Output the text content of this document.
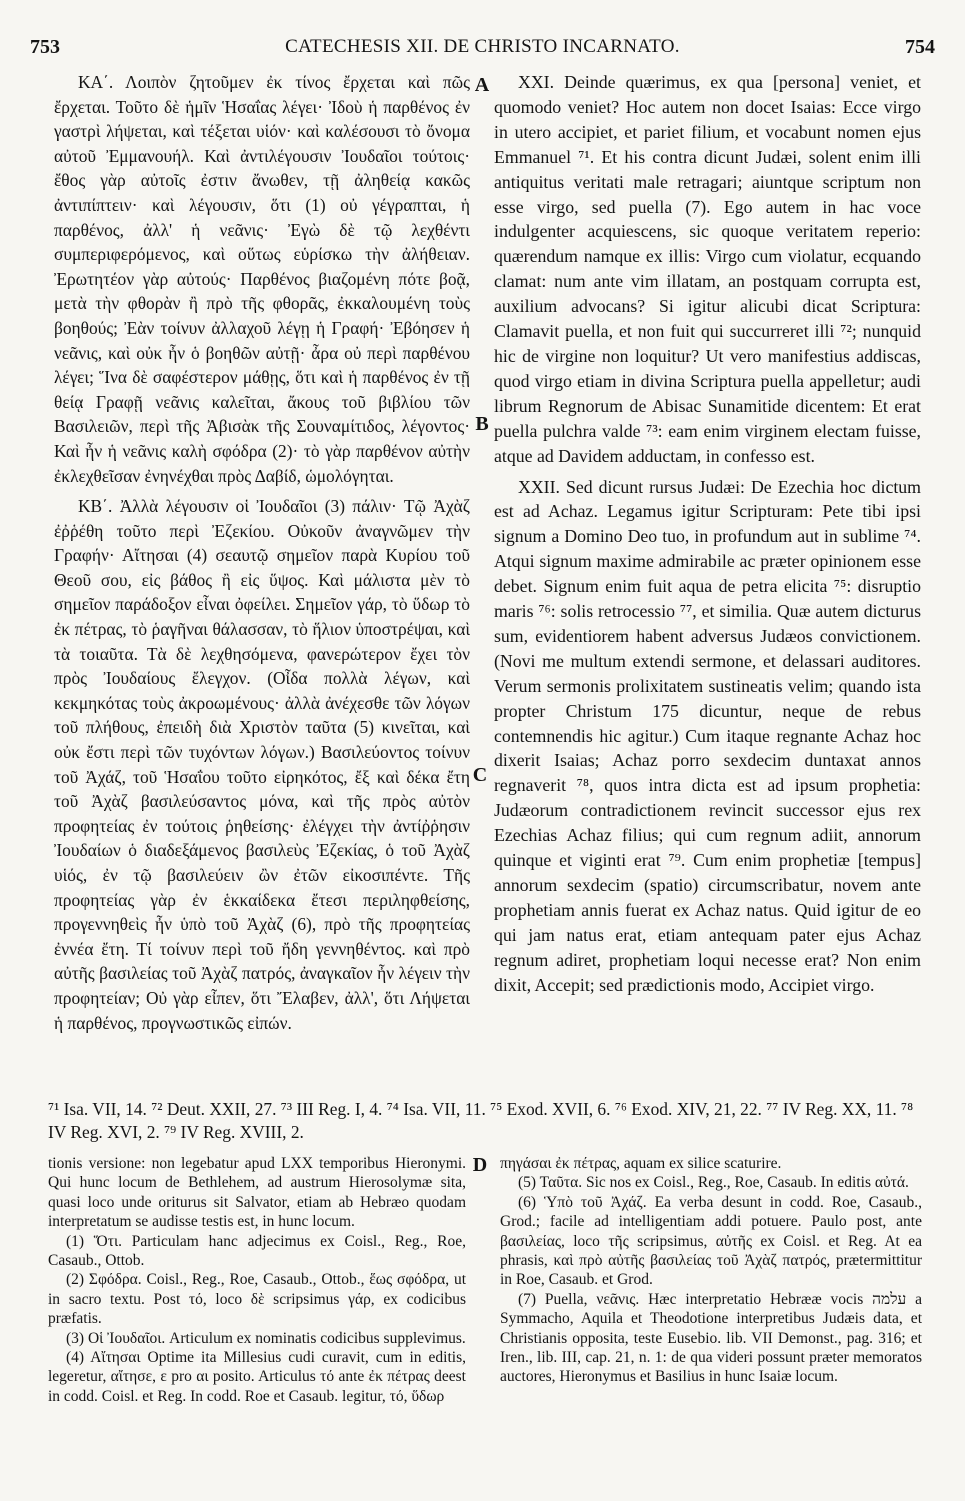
753	CATECHESIS XII. DE CHRISTO INCARNATO.	754

ΚΑ΄. Λοιπὸν ζητοῦμεν ἐκ τίνος ἔρχεται καὶ πῶς ἔρχεται. Τοῦτο δὲ ἡμῖν Ἡσαΐας λέγει· Ἰδοὺ ἡ παρθένος ἐν γαστρὶ λήψεται, καὶ τέξεται υἱόν· καὶ καλέσουσι τὸ ὄνομα αὐτοῦ Ἐμμανουήλ. Καὶ ἀντιλέγουσιν Ἰουδαῖοι τούτοις· ἔθος γὰρ αὐτοῖς ἐστιν ἄνωθεν, τῇ ἀληθείᾳ κακῶς ἀντιπίπτειν· καὶ λέγουσιν, ὅτι (1) οὐ γέγραπται, ἡ παρθένος, ἀλλ' ἡ νεᾶνις· Ἐγὼ δὲ τῷ λεχθέντι συμπεριφερόμενος, καὶ οὕτως εὑρίσκω τὴν ἀλήθειαν. Ἐρωτητέον γὰρ αὐτούς· Παρθένος βιαζομένη πότε βοᾷ, μετὰ τὴν φθορὰν ἢ πρὸ τῆς φθορᾶς, ἐκκαλουμένη τοὺς βοηθούς; Ἐὰν τοίνυν ἀλλαχοῦ λέγῃ ἡ Γραφή· Ἐβόησεν ἡ νεᾶνις, καὶ οὐκ ἦν ὁ βοηθῶν αὐτῇ· ἆρα οὐ περὶ παρθένου λέγει; Ἵνα δὲ σαφέστερον μάθῃς, ὅτι καὶ ἡ παρθένος ἐν τῇ θείᾳ Γραφῇ νεᾶνις καλεῖται, ἄκους τοῦ βιβλίου τῶν Βασιλειῶν, περὶ τῆς Ἀβισὰκ τῆς Σουναμίτιδος, λέγοντος· Καὶ ἦν ἡ νεᾶνις καλὴ σφόδρα (2)· τὸ γὰρ παρθένον αὐτὴν ἐκλεχθεῖσαν ἐνηνέχθαι πρὸς Δαβίδ, ὡμολόγηται.

ΚΒ΄. Ἀλλὰ λέγουσιν οἱ Ἰουδαῖοι (3) πάλιν· Τῷ Ἀχὰζ ἐῤῥέθη τοῦτο περὶ Ἐζεκίου. Οὐκοῦν ἀναγνῶμεν τὴν Γραφήν· Αἴτησαι (4) σεαυτῷ σημεῖον παρὰ Κυρίου τοῦ Θεοῦ σου, εἰς βάθος ἢ εἰς ὕψος. Καὶ μάλιστα μὲν τὸ σημεῖον παράδοξον εἶναι ὀφείλει. Σημεῖον γάρ, τὸ ὕδωρ τὸ ἐκ πέτρας, τὸ ῥαγῆναι θάλασσαν, τὸ ἥλιον ὑποστρέψαι, καὶ τὰ τοιαῦτα. Τὰ δὲ λεχθησόμενα, φανερώτερον ἔχει τὸν πρὸς Ἰουδαίους ἔλεγχον. (Οἶδα πολλὰ λέγων, καὶ κεκμηκότας τοὺς ἀκροωμένους· ἀλλὰ ἀνέχεσθε τῶν λόγων τοῦ πλήθους, ἐπειδὴ διὰ Χριστὸν ταῦτα (5) κινεῖται, καὶ οὐκ ἔστι περὶ τῶν τυχόντων λόγων.) Βασιλεύοντος τοίνυν τοῦ Ἀχάζ, τοῦ Ἡσαΐου τοῦτο εἰρηκότος, ἔξ καὶ δέκα ἔτη τοῦ Ἀχὰζ βασιλεύσαντος μόνα, καὶ τῆς πρὸς αὐτὸν προφητείας ἐν τούτοις ῥηθείσης· ἐλέγχει τὴν ἀντίῤῥησιν Ἰουδαίων ὁ διαδεξάμενος βασιλεὺς Ἐζεκίας, ὁ τοῦ Ἀχὰζ υἱός, ἐν τῷ βασιλεύειν ὢν ἐτῶν εἰκοσιπέντε. Τῆς προφητείας γὰρ ἐν ἑκκαίδεκα ἔτεσι περιληφθείσης, προγεννηθεὶς ἦν ὑπὸ τοῦ Ἀχὰζ (6), πρὸ τῆς προφητείας ἐννέα ἔτη. Τί τοίνυν περὶ τοῦ ἤδη γεννηθέντος. καὶ πρὸ αὐτῆς βασιλείας τοῦ Ἀχὰζ πατρός, ἀναγκαῖον ἦν λέγειν τὴν προφητείαν; Οὐ γὰρ εἶπεν, ὅτι Ἔλαβεν, ἀλλ', ὅτι Λήψεται ἡ παρθένος, προγνωστικῶς εἰπών.

A
B
C
D

XXI. Deinde quærimus, ex qua [persona] veniet, et quomodo veniet? Hoc autem non docet Isaias: Ecce virgo in utero accipiet, et pariet filium, et vocabunt nomen ejus Emmanuel ⁷¹. Et his contra dicunt Judæi, solent enim illi antiquitus veritati male retragari; aiuntque scriptum non esse virgo, sed puella (7). Ego autem in hac voce indulgenter acquiescens, sic quoque veritatem reperio: quærendum namque ex illis: Virgo cum violatur, ecquando clamat: num ante vim illatam, an postquam corrupta est, auxilium advocans? Si igitur alicubi dicat Scriptura: Clamavit puella, et non fuit qui succurreret illi ⁷²; nunquid hic de virgine non loquitur? Ut vero manifestius addiscas, quod virgo etiam in divina Scriptura puella appelletur; audi librum Regnorum de Abisac Sunamitide dicentem: Et erat puella pulchra valde ⁷³: eam enim virginem electam fuisse, atque ad Davidem adductam, in confesso est.

XXII. Sed dicunt rursus Judæi: De Ezechia hoc dictum est ad Achaz. Legamus igitur Scripturam: Pete tibi ipsi signum a Domino Deo tuo, in profundum aut in sublime ⁷⁴. Atqui signum maxime admirabile ac præter opinionem esse debet. Signum enim fuit aqua de petra elicita ⁷⁵: disruptio maris ⁷⁶: solis retrocessio ⁷⁷, et similia. Quæ autem dicturus sum, evidentiorem habent adversus Judæos convictionem. (Novi me multum extendi sermone, et delassari auditores. Verum sermonis prolixitatem sustineatis velim; quando ista propter Christum 175 dicuntur, neque de rebus contemnendis hic agitur.) Cum itaque regnante Achaz hoc dixerit Isaias; Achaz porro sexdecim duntaxat annos regnaverit ⁷⁸, quos intra dicta est ad ipsum prophetia: Judæorum contradictionem revincit successor ejus rex Ezechias Achaz filius; qui cum regnum adiit, annorum quinque et viginti erat ⁷⁹. Cum enim prophetiæ [tempus] annorum sexdecim (spatio) circumscribatur, novem ante prophetiam annis fuerat ex Achaz natus. Quid igitur de eo qui jam natus erat, etiam antequam pater ejus Achaz regnum adiret, prophetiam loqui necesse erat? Non enim dixit, Accepit; sed prædictionis modo, Accipiet virgo.

⁷¹ Isa. VII, 14. ⁷² Deut. XXII, 27. ⁷³ III Reg. I, 4. ⁷⁴ Isa. VII, 11. ⁷⁵ Exod. XVII, 6. ⁷⁶ Exod. XIV, 21, 22. ⁷⁷ IV Reg. XX, 11. ⁷⁸ IV Reg. XVI, 2. ⁷⁹ IV Reg. XVIII, 2.

tionis versione: non legebatur apud LXX temporibus Hieronymi. Qui hunc locum de Bethlehem, ad austrum Hierosolymæ sita, quasi loco unde oriturus sit Salvator, etiam ab Hebræo quodam interpretatum se audisse testis est, in hunc locum.

(1) Ὅτι. Particulam hanc adjecimus ex Coisl., Reg., Roe, Casaub., Ottob.

(2) Σφόδρα. Coisl., Reg., Roe, Casaub., Ottob., ἕως σφόδρα, ut in sacro textu. Post τό, loco δὲ scripsimus γάρ, ex codicibus præfatis.

(3) Οἱ Ἰουδαῖοι. Articulum ex nominatis codicibus supplevimus.

(4) Αἴτησαι Optime ita Millesius cudi curavit, cum in editis, legeretur, αἴτησε, ε pro αι posito. Articulus τό ante ἐκ πέτρας deest in codd. Coisl. et Reg. In codd. Roe et Casaub. legitur, τό, ὕδωρ

πηγάσαι ἐκ πέτρας, aquam ex silice scaturire.

(5) Ταῦτα. Sic nos ex Coisl., Reg., Roe, Casaub. In editis αὐτά.

(6) Ὑπὸ τοῦ Ἀχάζ. Ea verba desunt in codd. Roe, Casaub., Grod.; facile ad intelligentiam addi potuere. Paulo post, ante βασιλείας, loco τῆς scripsimus, αὐτῆς ex Coisl. et Reg. At ea phrasis, καὶ πρὸ αὐτῆς βασιλείας τοῦ Ἀχὰζ πατρός, prætermittitur in Roe, Casaub. et Grod.

(7) Puella, νεᾶνις. Hæc interpretatio Hebrææ vocis עלמה a Symmacho, Aquila et Theodotione interpretibus Judæis data, et Christianis opposita, teste Eusebio. lib. VII Demonst., pag. 316; et Iren., lib. III, cap. 21, n. 1: de qua videri possunt præter memoratos auctores, Hieronymus et Basilius in hunc Isaiæ locum.
